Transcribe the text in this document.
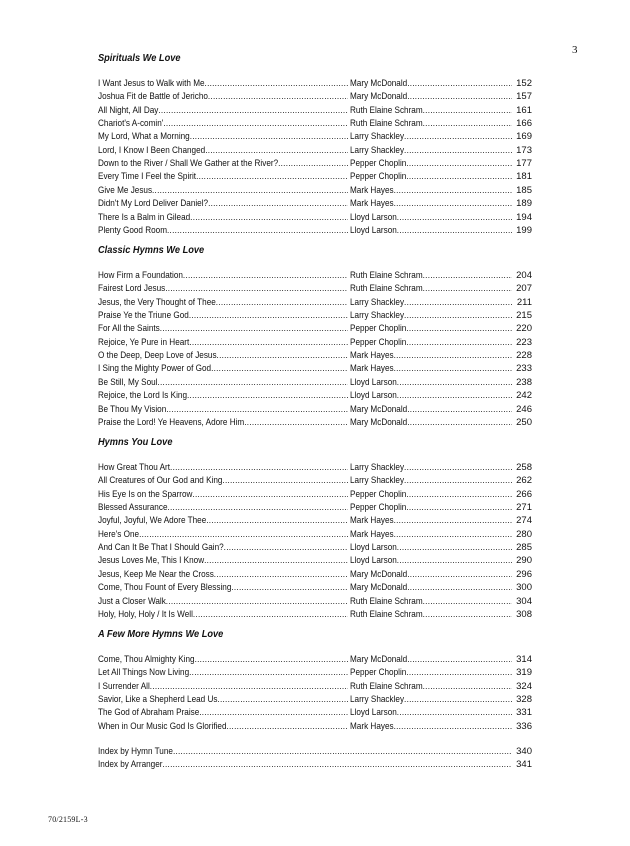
3
Spirituals We Love
I Want Jesus to Walk with Me .....	Mary McDonald .....	152
Joshua Fit de Battle of Jericho .....	Mary McDonald .....	157
All Night, All Day .....	Ruth Elaine Schram .....	161
Chariot's A-comin' .....	Ruth Elaine Schram .....	166
My Lord, What a Morning .....	Larry Shackley .....	169
Lord, I Know I Been Changed .....	Larry Shackley .....	173
Down to the River / Shall We Gather at the River? .....	Pepper Choplin .....	177
Every Time I Feel the Spirit .....	Pepper Choplin .....	181
Give Me Jesus .....	Mark Hayes .....	185
Didn't My Lord Deliver Daniel? .....	Mark Hayes .....	189
There Is a Balm in Gilead .....	Lloyd Larson .....	194
Plenty Good Room .....	Lloyd Larson .....	199
Classic Hymns We Love
How Firm a Foundation .....	Ruth Elaine Schram .....	204
Fairest Lord Jesus .....	Ruth Elaine Schram .....	207
Jesus, the Very Thought of Thee .....	Larry Shackley .....	211
Praise Ye the Triune God .....	Larry Shackley .....	215
For All the Saints .....	Pepper Choplin .....	220
Rejoice, Ye Pure in Heart .....	Pepper Choplin .....	223
O the Deep, Deep Love of Jesus .....	Mark Hayes .....	228
I Sing the Mighty Power of God .....	Mark Hayes .....	233
Be Still, My Soul .....	Lloyd Larson .....	238
Rejoice, the Lord Is King .....	Lloyd Larson .....	242
Be Thou My Vision .....	Mary McDonald .....	246
Praise the Lord! Ye Heavens, Adore Him .....	Mary McDonald .....	250
Hymns You Love
How Great Thou Art .....	Larry Shackley .....	258
All Creatures of Our God and King .....	Larry Shackley .....	262
His Eye Is on the Sparrow .....	Pepper Choplin .....	266
Blessed Assurance .....	Pepper Choplin .....	271
Joyful, Joyful, We Adore Thee .....	Mark Hayes .....	274
Here's One .....	Mark Hayes .....	280
And Can It Be That I Should Gain? .....	Lloyd Larson .....	285
Jesus Loves Me, This I Know .....	Lloyd Larson .....	290
Jesus, Keep Me Near the Cross .....	Mary McDonald .....	296
Come, Thou Fount of Every Blessing .....	Mary McDonald .....	300
Just a Closer Walk .....	Ruth Elaine Schram .....	304
Holy, Holy, Holy / It Is Well .....	Ruth Elaine Schram .....	308
A Few More Hymns We Love
Come, Thou Almighty King .....	Mary McDonald .....	314
Let All Things Now Living .....	Pepper Choplin .....	319
I Surrender All .....	Ruth Elaine Schram .....	324
Savior, Like a Shepherd Lead Us .....	Larry Shackley .....	328
The God of Abraham Praise .....	Lloyd Larson .....	331
When in Our Music God Is Glorified .....	Mark Hayes .....	336
Index by Hymn Tune .....	340
Index by Arranger .....	341
70/2159L-3
